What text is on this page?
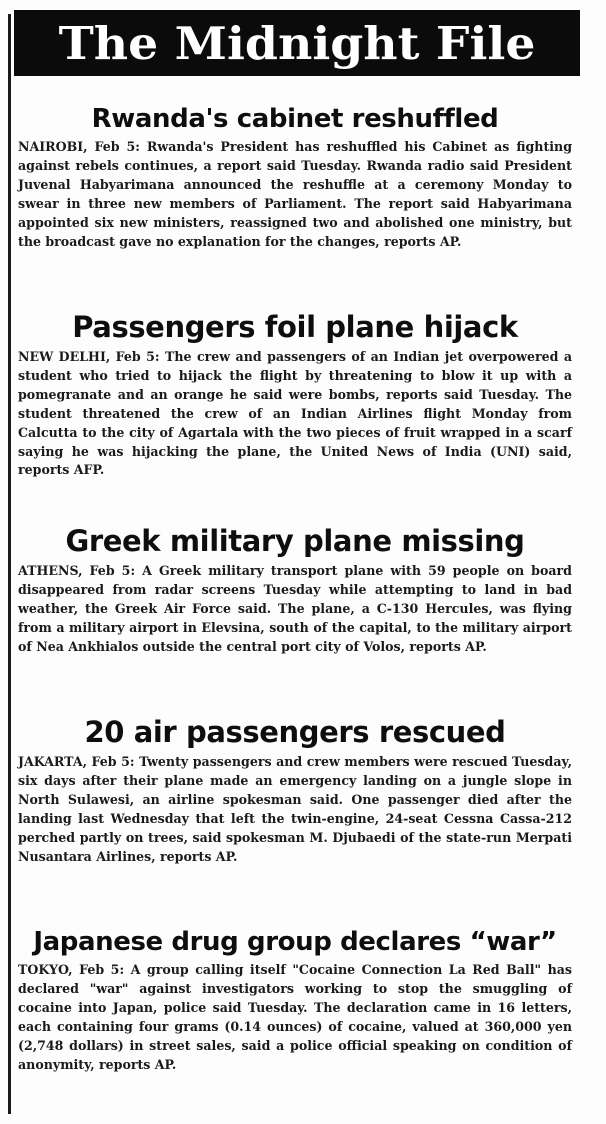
The Midnight File
Rwanda's cabinet reshuffled

NAIROBI, Feb 5: Rwanda's President has reshuffled his Cabinet as fighting against rebels continues, a report said Tuesday. Rwanda radio said President Juvenal Habyarimana announced the reshuffle at a ceremony Monday to swear in three new members of Parliament. The report said Habyarimana appointed six new ministers, reassigned two and abolished one ministry, but the broadcast gave no explanation for the changes, reports AP.

Passengers foil plane hijack

NEW DELHI, Feb 5: The crew and passengers of an Indian jet overpowered a student who tried to hijack the flight by threatening to blow it up with a pomegranate and an orange he said were bombs, reports said Tuesday. The student threatened the crew of an Indian Airlines flight Monday from Calcutta to the city of Agartala with the two pieces of fruit wrapped in a scarf saying he was hijacking the plane, the United News of India (UNI) said, reports AFP.

Greek military plane missing

ATHENS, Feb 5: A Greek military transport plane with 59 people on board disappeared from radar screens Tuesday while attempting to land in bad weather, the Greek Air Force said. The plane, a C-130 Hercules, was flying from a military airport in Elevsina, south of the capital, to the military airport of Nea Ankhialos outside the central port city of Volos, reports AP.

20 air passengers rescued

JAKARTA, Feb 5: Twenty passengers and crew members were rescued Tuesday, six days after their plane made an emergency landing on a jungle slope in North Sulawesi, an airline spokesman said. One passenger died after the landing last Wednesday that left the twin-engine, 24-seat Cessna Cassa-212 perched partly on trees, said spokesman M. Djubaedi of the state-run Merpati Nusantara Airlines, reports AP.

Japanese drug group declares “war”

TOKYO, Feb 5: A group calling itself "Cocaine Connection La Red Ball" has declared "war" against investigators working to stop the smuggling of cocaine into Japan, police said Tuesday. The declaration came in 16 letters, each containing four grams (0.14 ounces) of cocaine, valued at 360,000 yen (2,748 dollars) in street sales, said a police official speaking on condition of anonymity, reports AP.
